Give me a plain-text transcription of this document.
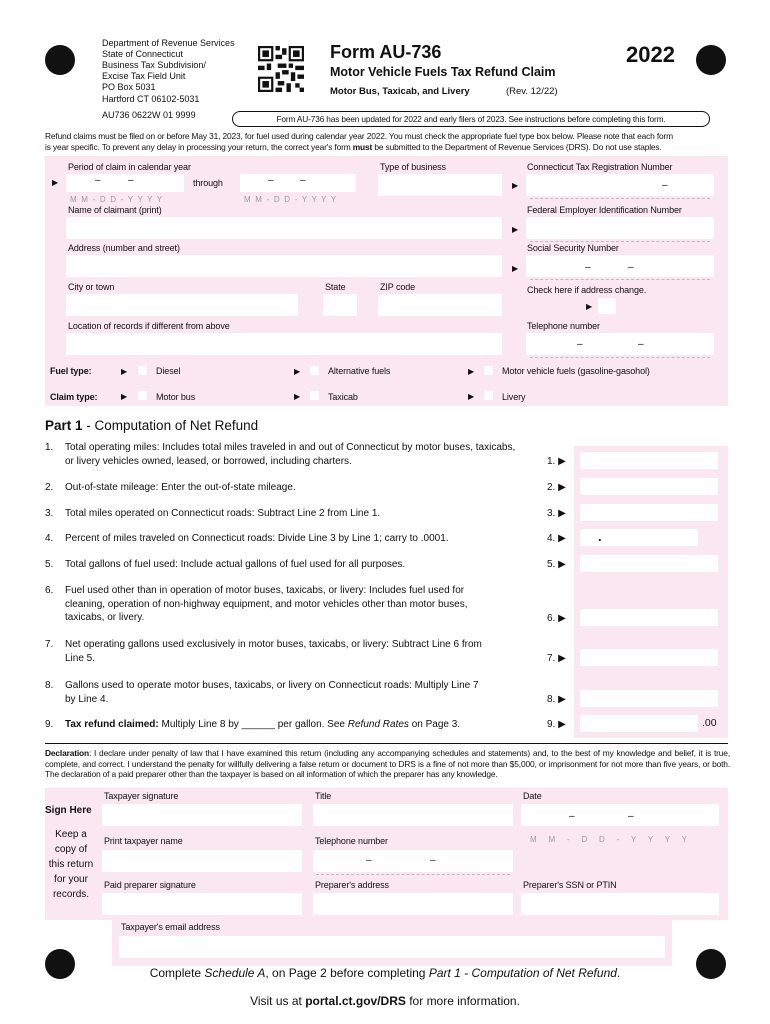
Department of Revenue Services
State of Connecticut
Business Tax Subdivision/
Excise Tax Field Unit
PO Box 5031
Hartford CT 06102-5031
AU736 0622W 01 9999
Form AU-736
Motor Vehicle Fuels Tax Refund Claim
Motor Bus, Taxicab, and Livery	(Rev. 12/22)
2022
Form AU-736 has been updated for 2022 and early filers of 2023. See instructions before completing this form.
Refund claims must be filed on or before May 31, 2023, for fuel used during calendar year 2022. You must check the appropriate fuel type box below. Please note that each form
is year specific. To prevent any delay in processing your return, the correct year's form must be submitted to the Department of Revenue Services (DRS). Do not use staples.
Period of claim in calendar year
▶	–	–
M M - D D - Y Y Y Y
through	–	–
M M - D D - Y Y Y Y
Type of business	Connecticut Tax Registration Number
▶	–
Name of claimant (print)	Federal Employer Identification Number
▶
Address (number and street)	Social Security Number
▶	–	–
City or town	State	ZIP code	Check here if address change.
▶
Location of records if different from above	Telephone number
–	–
Fuel type:	▶	Diesel	▶	Alternative fuels	▶	Motor vehicle fuels (gasoline-gasohol)
Claim type:	▶	Motor bus	▶	Taxicab	▶	Livery
Part 1 - Computation of Net Refund
1. Total operating miles: Includes total miles traveled in and out of Connecticut by motor buses, taxicabs, or livery vehicles owned, leased, or borrowed, including charters.	1. ▶
2. Out-of-state mileage: Enter the out-of-state mileage.	2. ▶
3. Total miles operated on Connecticut roads: Subtract Line 2 from Line 1.	3. ▶
4. Percent of miles traveled on Connecticut roads: Divide Line 3 by Line 1; carry to .0001.	4. ▶ .
5. Total gallons of fuel used: Include actual gallons of fuel used for all purposes.	5. ▶
6. Fuel used other than in operation of motor buses, taxicabs, or livery: Includes fuel used for cleaning, operation of non-highway equipment, and motor vehicles other than motor buses, taxicabs, or livery.	6. ▶
7. Net operating gallons used exclusively in motor buses, taxicabs, or livery: Subtract Line 6 from Line 5.	7. ▶
8. Gallons used to operate motor buses, taxicabs, or livery on Connecticut roads: Multiply Line 7 by Line 4.	8. ▶
9. Tax refund claimed: Multiply Line 8 by ______ per gallon. See Refund Rates on Page 3.	9. ▶	.00
Declaration: I declare under penalty of law that I have examined this return (including any accompanying schedules and statements) and, to the best of my knowledge and belief, it is true, complete, and correct. I understand the penalty for willfully delivering a false return or document to DRS is a fine of not more than $5,000, or imprisonment for not more than five years, or both. The declaration of a paid preparer other than the taxpayer is based on all information of which the preparer has any knowledge.
Sign Here
Keep a
copy of
this return
for your
records.
Taxpayer signature	Title	Date
–	–
M M - D D - Y Y Y Y
Print taxpayer name	Telephone number
–	–
Paid preparer signature	Preparer's address	Preparer's SSN or PTIN
Taxpayer's email address
Complete Schedule A, on Page 2 before completing Part 1 - Computation of Net Refund.
Visit us at portal.ct.gov/DRS for more information.
